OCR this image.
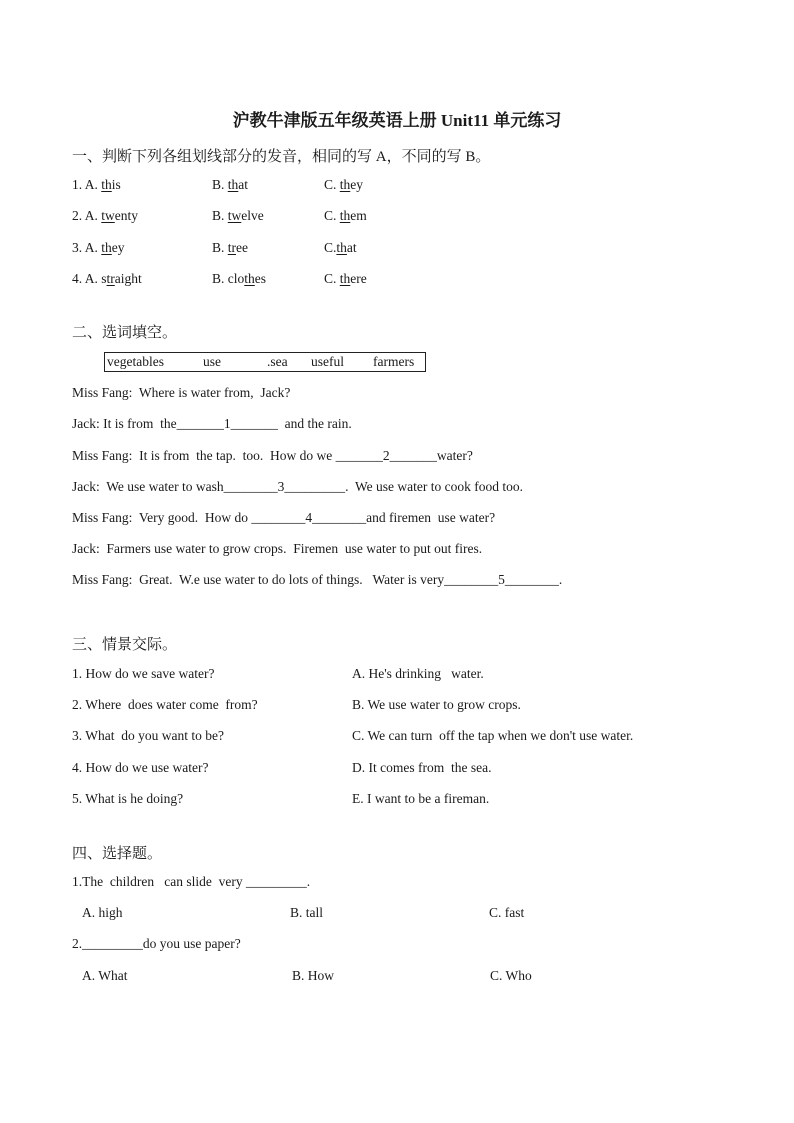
沪教牛津版五年级英语上册 Unit11 单元练习
一、判断下列各组划线部分的发音，相同的写 A，不同的写 B。
1. A. this	B. that	C. they
2. A. twenty	B. twelve	C. them
3. A. they	B. tree	C.that
4. A. straight	B. clothes	C. there
二、选词填空。
vegetables	use	.sea useful farmers
Miss Fang:  Where is water from,  Jack?
Jack: It is from  the_______1_______  and the rain.
Miss Fang:  It is from  the tap.  too.  How do we _______2_______water?
Jack:  We use water to wash________3_________.  We use water to cook food too.
Miss Fang:  Very good.  How do ________4________and firemen  use water?
Jack:  Farmers use water to grow crops.  Firemen  use water to put out fires.
Miss Fang:  Great.  W.e use water to do lots of things.   Water is very________5________.
三、情景交际。
1. How do we save water?	A. He's drinking   water.
2. Where  does water come  from?	B. We use water to grow crops.
3. What  do you want to be?	C. We can turn  off the tap when we don't use water.
4. How do we use water?	D. It comes from  the sea.
5. What is he doing?	E. I want to be a fireman.
四、选择题。
1.The  children   can slide  very _________.
A. high	B. tall	C. fast
2._________do you use paper?
A. What	B. How	C. Who
